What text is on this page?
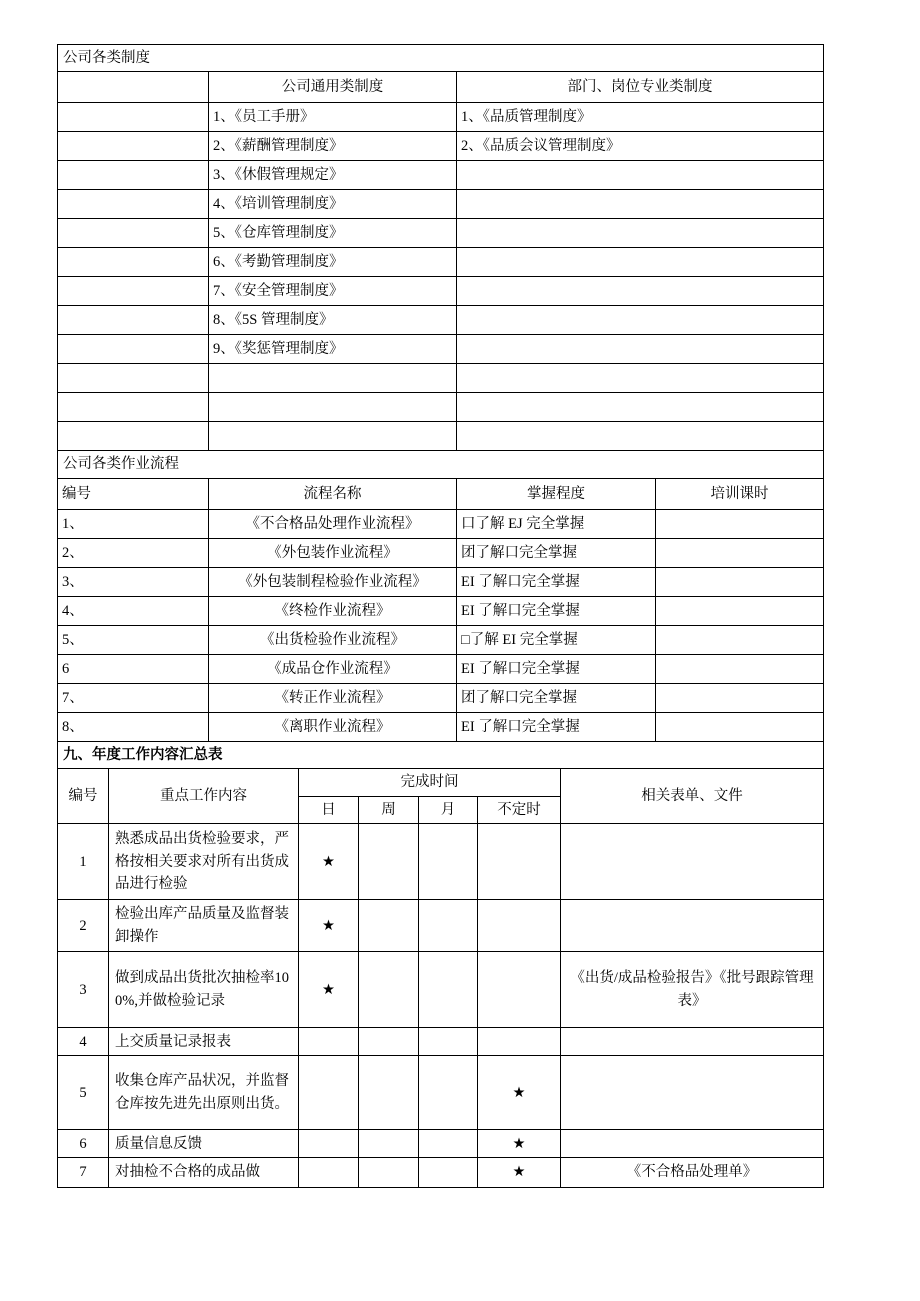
公司各类制度		
	公司通用类制度	部门、岗位专业类制度
	1、《员工手册》	1、《品质管理制度》
	2、《薪酬管理制度》	2、《品质会议管理制度》
	3、《休假管理规定》	
	4、《培训管理制度》	
	5、《仓库管理制度》	
	6、《考勤管理制度》	
	7、《安全管理制度》	
	8、《5S 管理制度》	
	9、《奖惩管理制度》	

公司各类作业流程			
编号	流程名称	掌握程度	培训课时
1、	《不合格品处理作业流程》	口了解 EJ 完全掌握	
2、	《外包装作业流程》	团了解口完全掌握	
3、	《外包装制程检验作业流程》	EI 了解口完全掌握	
4、	《终检作业流程》	EI 了解口完全掌握	
5、	《出货检验作业流程》	□了解 EI 完全掌握	
6	《成品仓作业流程》	EI 了解口完全掌握	
7、	《转正作业流程》	团了解口完全掌握	
8、	《离职作业流程》	EI 了解口完全掌握	
九、年度工作内容汇总表						
编号	重点工作内容	完成时间				相关表单、文件
		日	周	月	不定时	
1	熟悉成品出货检验要求，严格按相关要求对所有出货成品进行检验	★				
2	检验出库产品质量及监督装卸操作	★				
3	做到成品出货批次抽检率100%,并做检验记录	★				《出货/成品检验报告》《批号跟踪管理表》
4	上交质量记录报表					
5	收集仓库产品状况，并监督仓库按先进先出原则出货。				★	
6	质量信息反馈				★	
7	对抽检不合格的成品做				★	《不合格品处理单》
